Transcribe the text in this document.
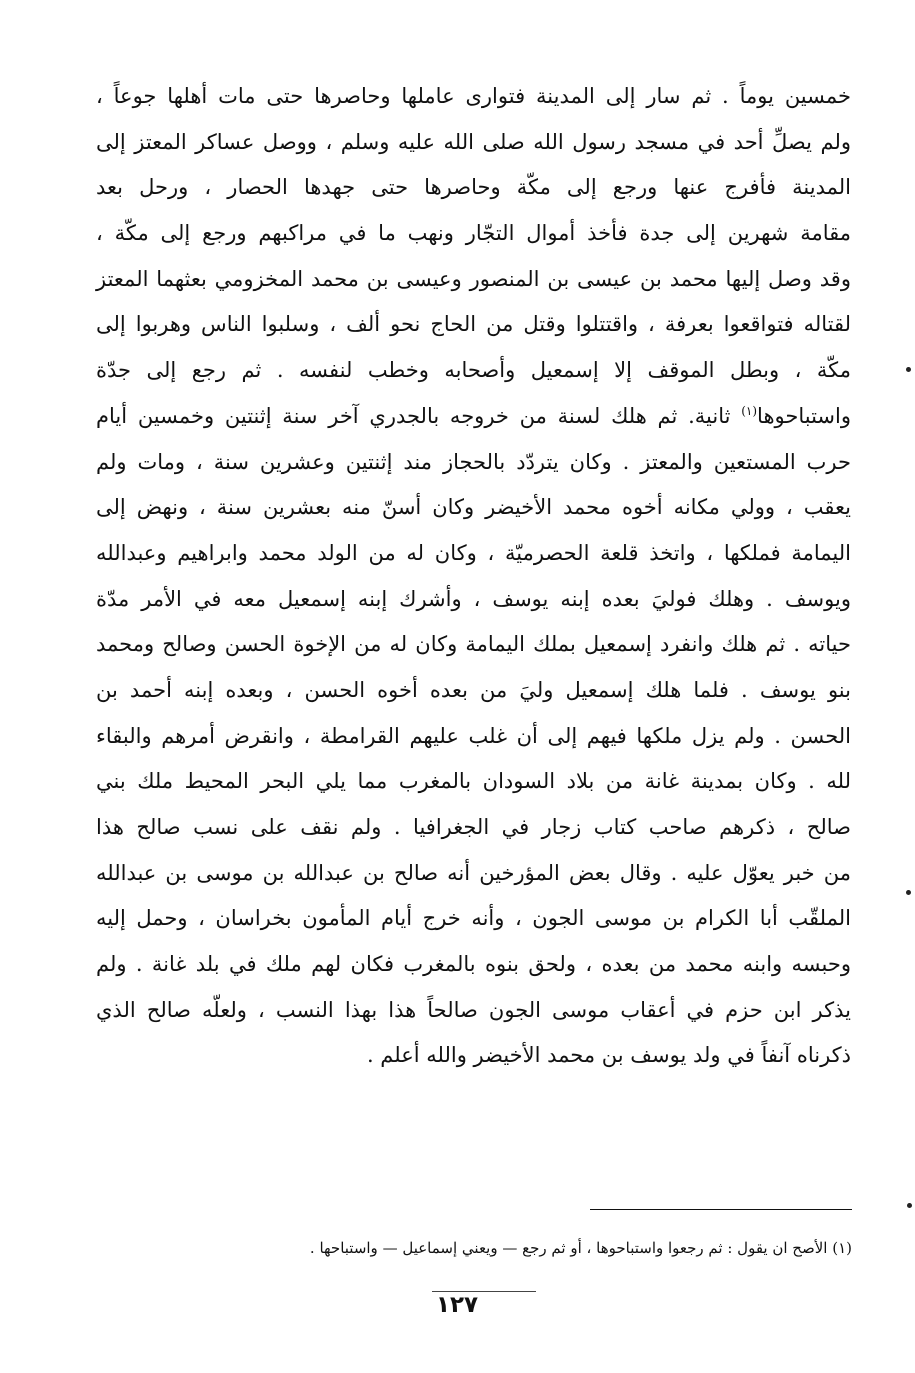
خمسين يوماً . ثم سار إلى المدينة فتوارى عاملها وحاصرها حتى مات أهلها جوعاً ،
ولم يصلِّ أحد في مسجد رسول الله صلى الله عليه وسلم ، ووصل عساكر المعتز إلى
المدينة فأفرج عنها ورجع إلى مكّة وحاصرها حتى جهدها الحصار ، ورحل بعد
مقامة شهرين إلى جدة فأخذ أموال التجّار ونهب ما في مراكبهم ورجع إلى مكّة ،
وقد وصل إليها محمد بن عيسى بن المنصور وعيسى بن محمد المخزومي بعثهما المعتز
لقتاله فتواقعوا بعرفة ، واقتتلوا وقتل من الحاج نحو ألف ، وسلبوا الناس وهربوا إلى
مكّة ، وبطل الموقف إلا إسمعيل وأصحابه وخطب لنفسه . ثم رجع إلى جدّة
واستباحوها$^{(١)}$ ثانية. ثم هلك لسنة من خروجه بالجدري آخر سنة إثنتين وخمسين أيام
حرب المستعين والمعتز . وكان يتردّد بالحجاز مند إثنتين وعشرين سنة ، ومات ولم
يعقب ، وولي مكانه أخوه محمد الأخيضر وكان أسنّ منه بعشرين سنة ، ونهض إلى
اليمامة فملكها ، واتخذ قلعة الحصرميّة ، وكان له من الولد محمد وابراهيم وعبدالله
ويوسف . وهلك فوليَ بعده إبنه يوسف ، وأشرك إبنه إسمعيل معه في الأمر مدّة
حياته . ثم هلك وانفرد إسمعيل بملك اليمامة وكان له من الإخوة الحسن وصالح ومحمد
بنو يوسف . فلما هلك إسمعيل وليَ من بعده أخوه الحسن ، وبعده إبنه أحمد بن
الحسن . ولم يزل ملكها فيهم إلى أن غلب عليهم القرامطة ، وانقرض أمرهم والبقاء
لله . وكان بمدينة غانة من بلاد السودان بالمغرب مما يلي البحر المحيط ملك بني
صالح ، ذكرهم صاحب كتاب زجار في الجغرافيا . ولم نقف على نسب صالح هذا
من خبر يعوّل عليه . وقال بعض المؤرخين أنه صالح بن عبدالله بن موسى بن عبدالله
الملقّب أبا الكرام بن موسى الجون ، وأنه خرج أيام المأمون بخراسان ، وحمل إليه
وحبسه وابنه محمد من بعده ، ولحق بنوه بالمغرب فكان لهم ملك في بلد غانة . ولم
يذكر ابن حزم في أعقاب موسى الجون صالحاً هذا بهذا النسب ، ولعلّه صالح الذي
ذكرناه آنفاً في ولد يوسف بن محمد الأخيضر والله أعلم .
(١) الأصح ان يقول : ثم رجعوا واستباحوها ، أو ثم رجع — ويعني إسماعيل — واستباحها .
١٢٧
